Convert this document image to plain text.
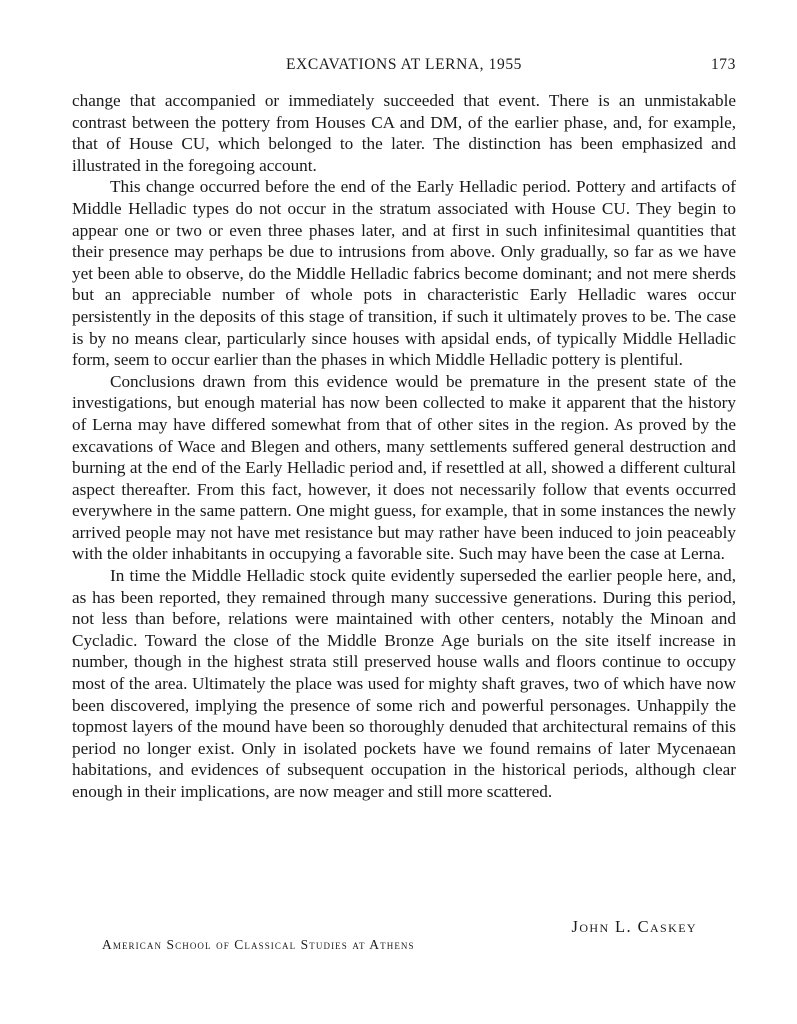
EXCAVATIONS AT LERNA, 1955	173

change that accompanied or immediately succeeded that event. There is an unmistakable contrast between the pottery from Houses CA and DM, of the earlier phase, and, for example, that of House CU, which belonged to the later. The distinction has been emphasized and illustrated in the foregoing account.

This change occurred before the end of the Early Helladic period. Pottery and artifacts of Middle Helladic types do not occur in the stratum associated with House CU. They begin to appear one or two or even three phases later, and at first in such infinitesimal quantities that their presence may perhaps be due to intrusions from above. Only gradually, so far as we have yet been able to observe, do the Middle Helladic fabrics become dominant; and not mere sherds but an appreciable number of whole pots in characteristic Early Helladic wares occur persistently in the deposits of this stage of transition, if such it ultimately proves to be. The case is by no means clear, particularly since houses with apsidal ends, of typically Middle Helladic form, seem to occur earlier than the phases in which Middle Helladic pottery is plentiful.

Conclusions drawn from this evidence would be premature in the present state of the investigations, but enough material has now been collected to make it apparent that the history of Lerna may have differed somewhat from that of other sites in the region. As proved by the excavations of Wace and Blegen and others, many settlements suffered general destruction and burning at the end of the Early Helladic period and, if resettled at all, showed a different cultural aspect thereafter. From this fact, however, it does not necessarily follow that events occurred everywhere in the same pattern. One might guess, for example, that in some instances the newly arrived people may not have met resistance but may rather have been induced to join peaceably with the older inhabitants in occupying a favorable site. Such may have been the case at Lerna.

In time the Middle Helladic stock quite evidently superseded the earlier people here, and, as has been reported, they remained through many successive generations. During this period, not less than before, relations were maintained with other centers, notably the Minoan and Cycladic. Toward the close of the Middle Bronze Age burials on the site itself increase in number, though in the highest strata still preserved house walls and floors continue to occupy most of the area. Ultimately the place was used for mighty shaft graves, two of which have now been discovered, implying the presence of some rich and powerful personages. Unhappily the topmost layers of the mound have been so thoroughly denuded that architectural remains of this period no longer exist. Only in isolated pockets have we found remains of later Mycenaean habitations, and evidences of subsequent occupation in the historical periods, although clear enough in their implications, are now meager and still more scattered.

John L. Caskey
American School of Classical Studies at Athens
